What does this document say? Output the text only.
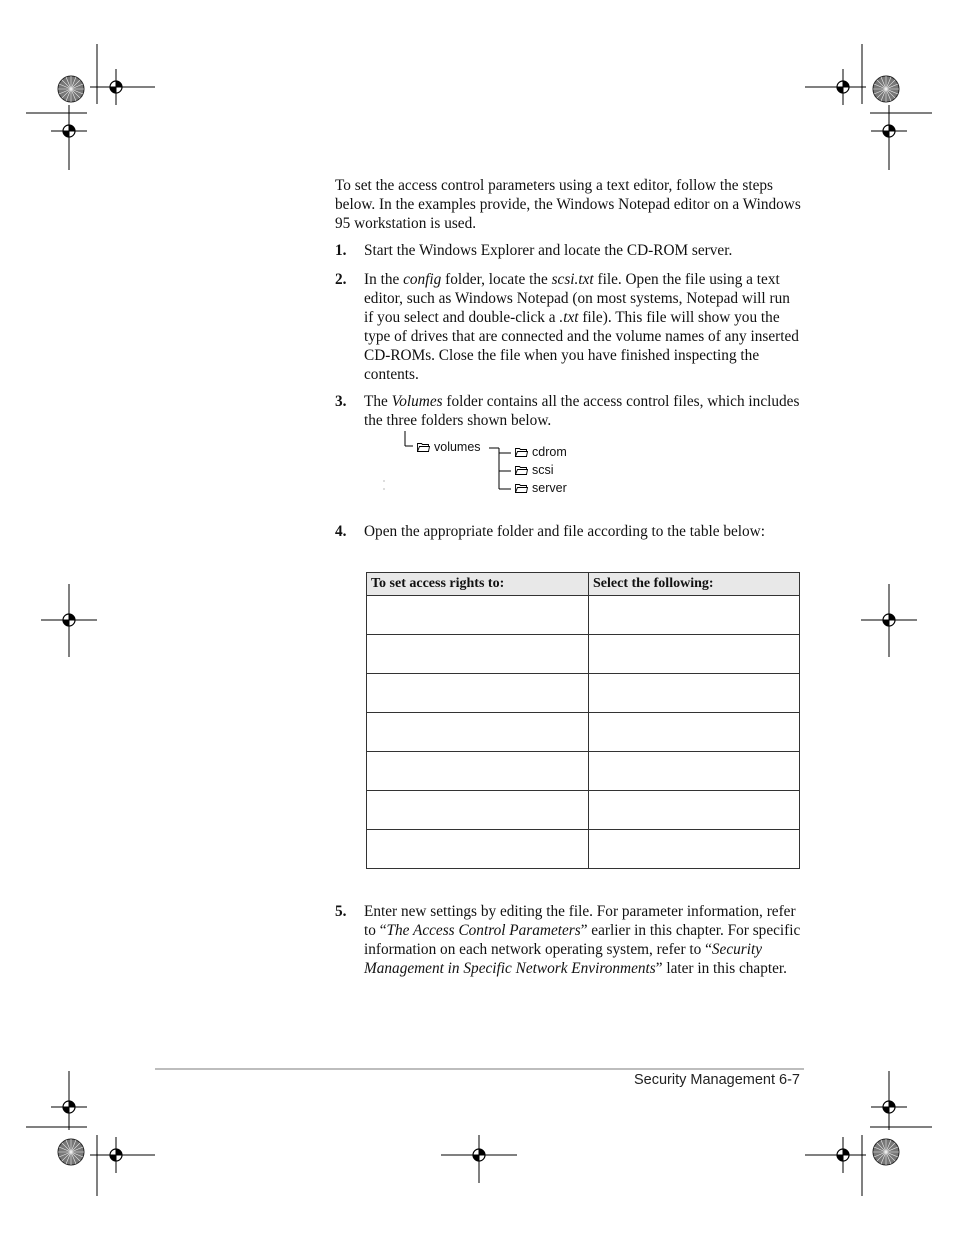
To set the access control parameters using a text editor, follow the steps below. In the examples provide, the Windows Notepad editor on a Windows 95 workstation is used.
1.	Start the Windows Explorer and locate the CD-ROM server.
2.	In the config folder, locate the scsi.txt file. Open the file using a text editor, such as Windows Notepad (on most systems, Notepad will run if you select and double-click a .txt file). This file will show you the type of drives that are connected and the volume names of any inserted CD-ROMs. Close the file when you have finished inspecting the contents.
3.	The Volumes folder contains all the access control files, which includes the three folders shown below.
volumes	cdrom
scsi
server
4.	Open the appropriate folder and file according to the table below:
To set access rights to:	Select the following:

5.	Enter new settings by editing the file. For parameter information, refer to “The Access Control Parameters” earlier in this chapter. For specific information on each network operating system, refer to “Security Management in Specific Network Environments” later in this chapter.
Security Management 6-7
